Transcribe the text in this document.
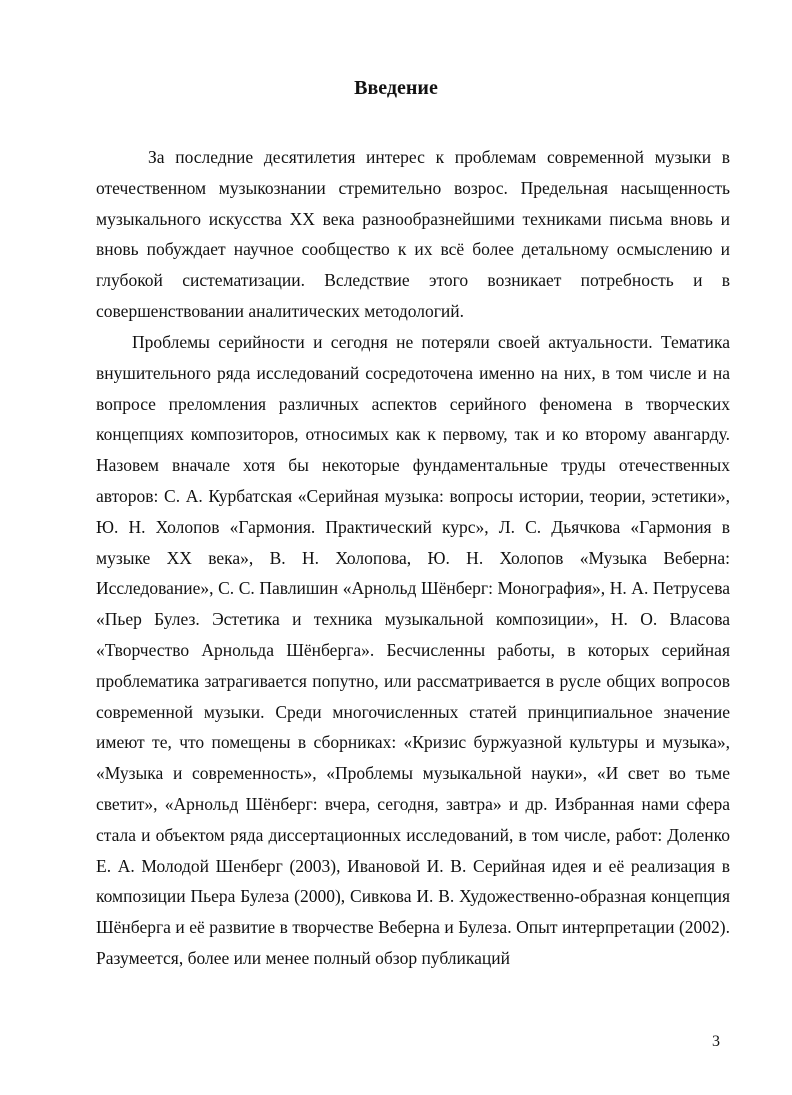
Введение

За последние десятилетия интерес к проблемам современной музыки в отечественном музыкознании стремительно возрос. Предельная насыщенность музыкального искусства XX века разнообразнейшими техниками письма вновь и вновь побуждает научное сообщество к их всё более детальному осмыслению и глубокой систематизации. Вследствие этого возникает потребность и в совершенствовании аналитических методологий.

Проблемы серийности и сегодня не потеряли своей актуальности. Тематика внушительного ряда исследований сосредоточена именно на них, в том числе и на вопросе преломления различных аспектов серийного феномена в творческих концепциях композиторов, относимых как к первому, так и ко второму авангарду. Назовем вначале хотя бы некоторые фундаментальные труды отечественных авторов: С. А. Курбатская «Серийная музыка: вопросы истории, теории, эстетики», Ю. Н. Холопов «Гармония. Практический курс», Л. С. Дьячкова «Гармония в музыке XX века», В. Н. Холопова, Ю. Н. Холопов «Музыка Веберна: Исследование», С. С. Павлишин «Арнольд Шёнберг: Монография», Н. А. Петрусева «Пьер Булез. Эстетика и техника музыкальной композиции», Н. О. Власова «Творчество Арнольда Шёнберга». Бесчисленны работы, в которых серийная проблематика затрагивается попутно, или рассматривается в русле общих вопросов современной музыки. Среди многочисленных статей принципиальное значение имеют те, что помещены в сборниках: «Кризис буржуазной культуры и музыка», «Музыка и современность», «Проблемы музыкальной науки», «И свет во тьме светит», «Арнольд Шёнберг: вчера, сегодня, завтра» и др. Избранная нами сфера стала и объектом ряда диссертационных исследований, в том числе, работ: Доленко Е. А. Молодой Шенберг (2003), Ивановой И. В. Серийная идея и её реализация в композиции Пьера Булеза (2000), Сивкова И. В. Художественно-образная концепция Шёнберга и её развитие в творчестве Веберна и Булеза. Опыт интерпретации (2002). Разумеется, более или менее полный обзор публикаций

3
